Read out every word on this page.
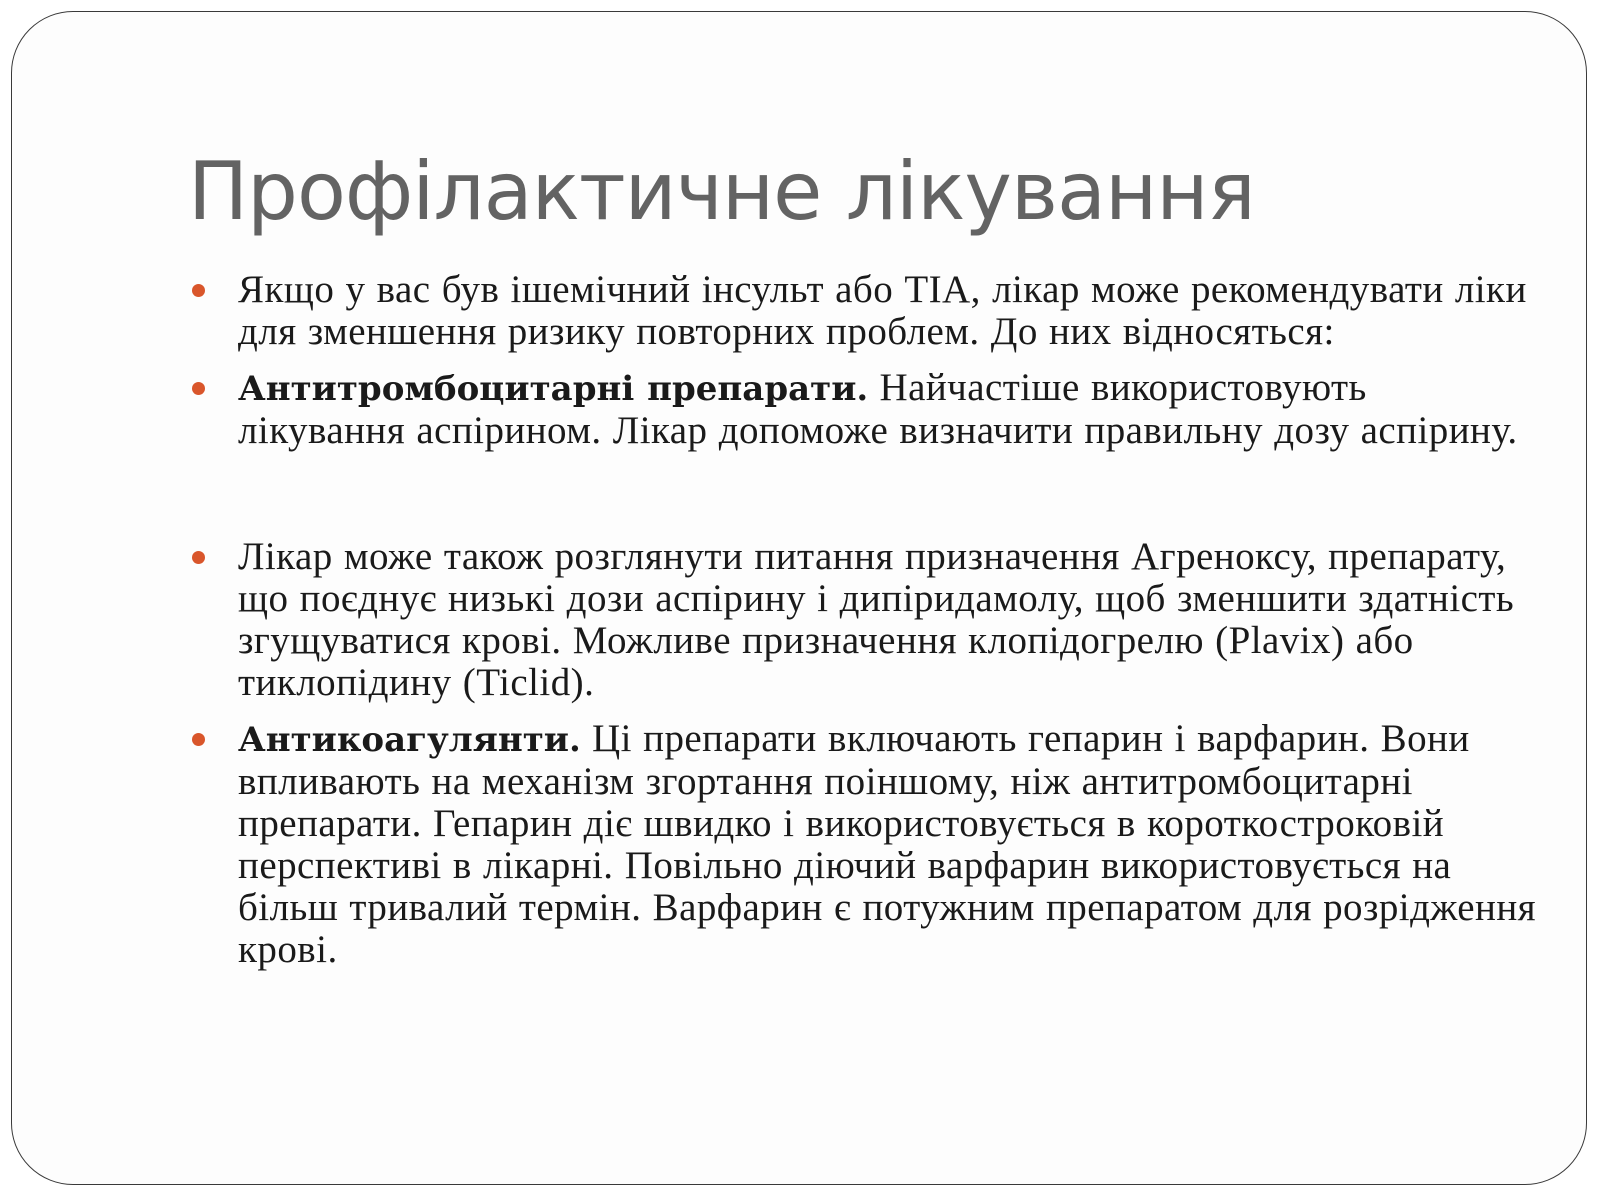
Профілактичне лікування
Якщо у вас був ішемічний інсульт або TIA, лікар може рекомендувати ліки для зменшення ризику повторних проблем. До них відносяться:
Антитромбоцитарні препарати. Найчастіше використовують лікування аспірином. Лікар допоможе визначити правильну дозу аспірину.
Лікар може також розглянути питання призначення Агреноксу, препарату, що поєднує низькі дози аспірину і дипіридамолу, щоб зменшити здатність згущуватися крові. Можливе призначення клопідогрелю (Plavix) або тиклопідину (Ticlid).
Антикоагулянти. Ці препарати включають гепарин і варфарин. Вони впливають на механізм згортання поіншому, ніж антитромбоцитарні препарати. Гепарин діє швидко і використовується в короткостроковій перспективі в лікарні. Повільно діючий варфарин використовується на більш тривалий термін. Варфарин є потужним препаратом для розрідження крові.
